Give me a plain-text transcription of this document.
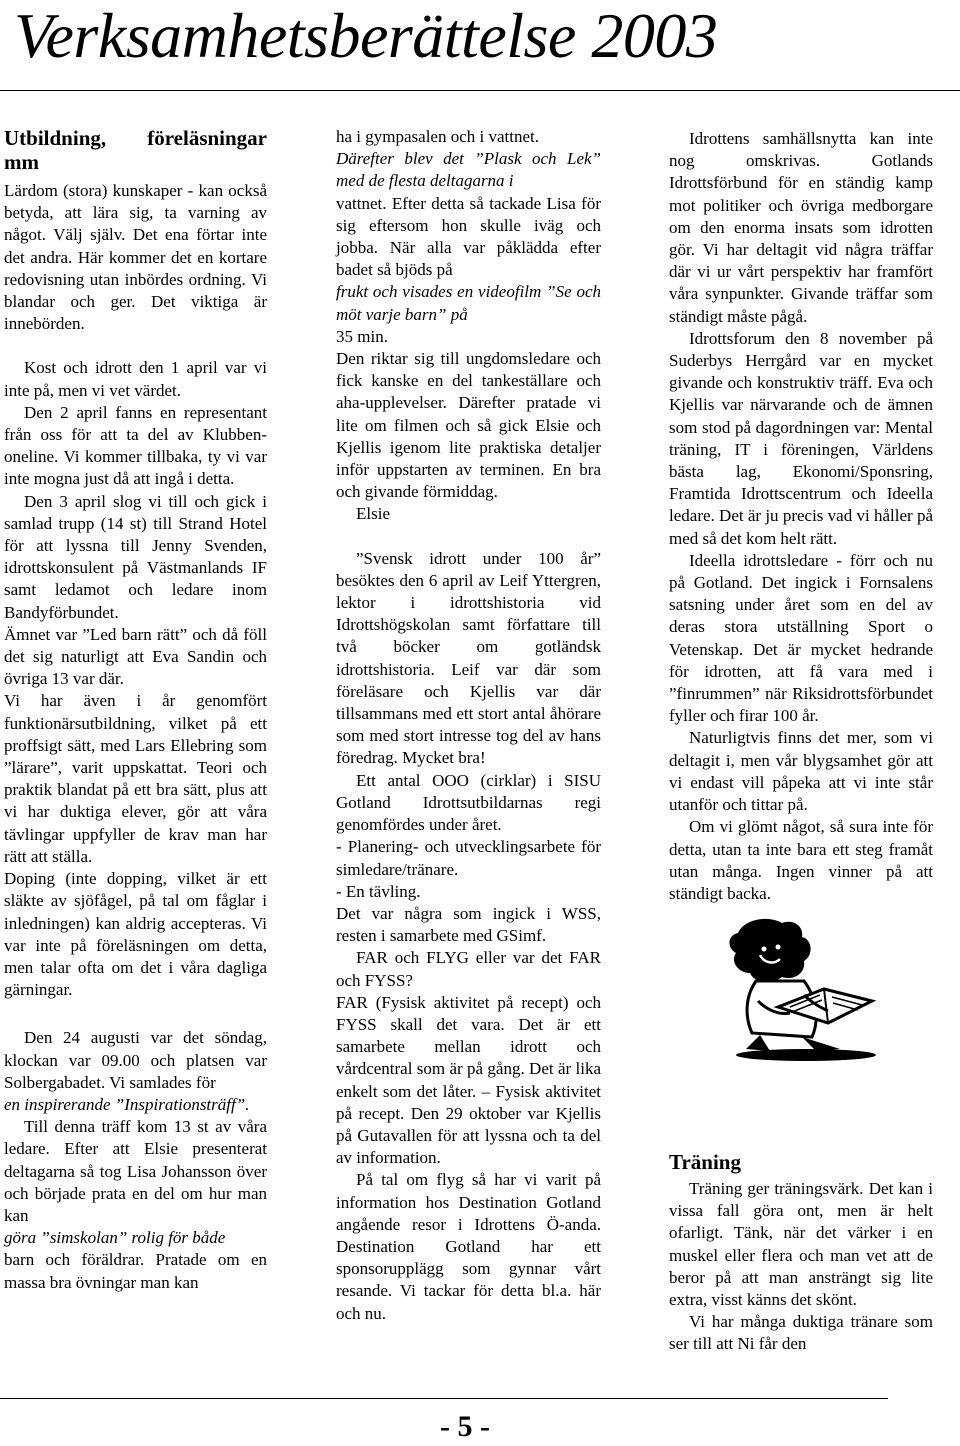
Verksamhetsberättelse 2003
Utbildning, föreläsningar mm

Lärdom (stora) kunskaper - kan också betyda, att lära sig, ta varning av något. Välj själv. Det ena förtar inte det andra. Här kommer det en kortare redovisning utan inbördes ordning. Vi blandar och ger. Det viktiga är innebörden.

Kost och idrott den 1 april var vi inte på, men vi vet värdet.

Den 2 april fanns en representant från oss för att ta del av Klubben-oneline. Vi kommer tillbaka, ty vi var inte mogna just då att ingå i detta.

Den 3 april slog vi till och gick i samlad trupp (14 st) till Strand Hotel för att lyssna till Jenny Svenden, idrottskonsulent på Västmanlands IF samt ledamot och ledare inom Bandyförbundet.

Ämnet var ”Led barn rätt” och då föll det sig naturligt att Eva Sandin och övriga 13 var där.

Vi har även i år genomfört funktionärsutbildning, vilket på ett proffsigt sätt, med Lars Ellebring som ”lärare”, varit uppskattat. Teori och praktik blandat på ett bra sätt, plus att vi har duktiga elever, gör att våra tävlingar uppfyller de krav man har rätt att ställa.

Doping (inte dopping, vilket är ett släkte av sjöfågel, på tal om fåglar i inledningen) kan aldrig accepteras. Vi var inte på föreläsningen om detta, men talar ofta om det i våra dagliga gärningar.

Den 24 augusti var det söndag, klockan var 09.00 och platsen var Solbergabadet. Vi samlades för

en inspirerande ”Inspirationsträff”.

Till denna träff kom 13 st av våra ledare. Efter att Elsie presenterat deltagarna så tog Lisa Johansson över och började prata en del om hur man kan

göra ”simskolan” rolig för både

barn och föräldrar. Pratade om en massa bra övningar man kan

ha i gympasalen och i vattnet.

Därefter blev det ”Plask och Lek” med de flesta deltagarna i

vattnet. Efter detta så tackade Lisa för sig eftersom hon skulle iväg och jobba. När alla var påklädda efter badet så bjöds på

frukt och visades en videofilm ”Se och möt varje barn” på

35 min.

Den riktar sig till ungdomsledare och fick kanske en del tankeställare och aha-upplevelser. Därefter pratade vi lite om filmen och så gick Elsie och Kjellis igenom lite praktiska detaljer inför uppstarten av terminen. En bra och givande förmiddag.

Elsie

”Svensk idrott under 100 år” besöktes den 6 april av Leif Yttergren, lektor i idrottshistoria vid Idrottshögskolan samt författare till två böcker om gotländsk idrottshistoria. Leif var där som föreläsare och Kjellis var där tillsammans med ett stort antal åhörare som med stort intresse tog del av hans föredrag. Mycket bra!

Ett antal OOO (cirklar) i SISU Gotland Idrottsutbildarnas regi genomfördes under året.

- Planering- och utvecklingsarbete för simledare/tränare.

- En tävling.

Det var några som ingick i WSS, resten i samarbete med GSimf.

FAR och FLYG eller var det FAR och FYSS?

FAR (Fysisk aktivitet på recept) och FYSS skall det vara. Det är ett samarbete mellan idrott och vårdcentral som är på gång. Det är lika enkelt som det låter. – Fysisk aktivitet på recept. Den 29 oktober var Kjellis på Gutavallen för att lyssna och ta del av information.

På tal om flyg så har vi varit på information hos Destination Gotland angående resor i Idrottens Ö-anda. Destination Gotland har ett sponsorupplägg som gynnar vårt resande. Vi tackar för detta bl.a. här och nu.

Idrottens samhällsnytta kan inte nog omskrivas. Gotlands Idrottsförbund för en ständig kamp mot politiker och övriga medborgare om den enorma insats som idrotten gör. Vi har deltagit vid några träffar där vi ur vårt perspektiv har framfört våra synpunkter. Givande träffar som ständigt måste pågå.

Idrottsforum den 8 november på Suderbys Herrgård var en mycket givande och konstruktiv träff. Eva och Kjellis var närvarande och de ämnen som stod på dagordningen var: Mental träning, IT i föreningen, Världens bästa lag, Ekonomi/Sponsring, Framtida Idrottscentrum och Ideella ledare. Det är ju precis vad vi håller på med så det kom helt rätt.

Ideella idrottsledare - förr och nu på Gotland. Det ingick i Fornsalens satsning under året som en del av deras stora utställning Sport o Vetenskap. Det är mycket hedrande för idrotten, att få vara med i ”finrummen” när Riksidrottsförbundet fyller och firar 100 år.

Naturligtvis finns det mer, som vi deltagit i, men vår blygsamhet gör att vi endast vill påpeka att vi inte står utanför och tittar på.

Om vi glömt något, så sura inte för detta, utan ta inte bara ett steg framåt utan många. Ingen vinner på att ständigt backa.

Träning

Träning ger träningsvärk. Det kan i vissa fall göra ont, men är helt ofarligt. Tänk, när det värker i en muskel eller flera och man vet att de beror på att man ansträngt sig lite extra, visst känns det skönt.

Vi har många duktiga tränare som ser till att Ni får den

- 5 -
